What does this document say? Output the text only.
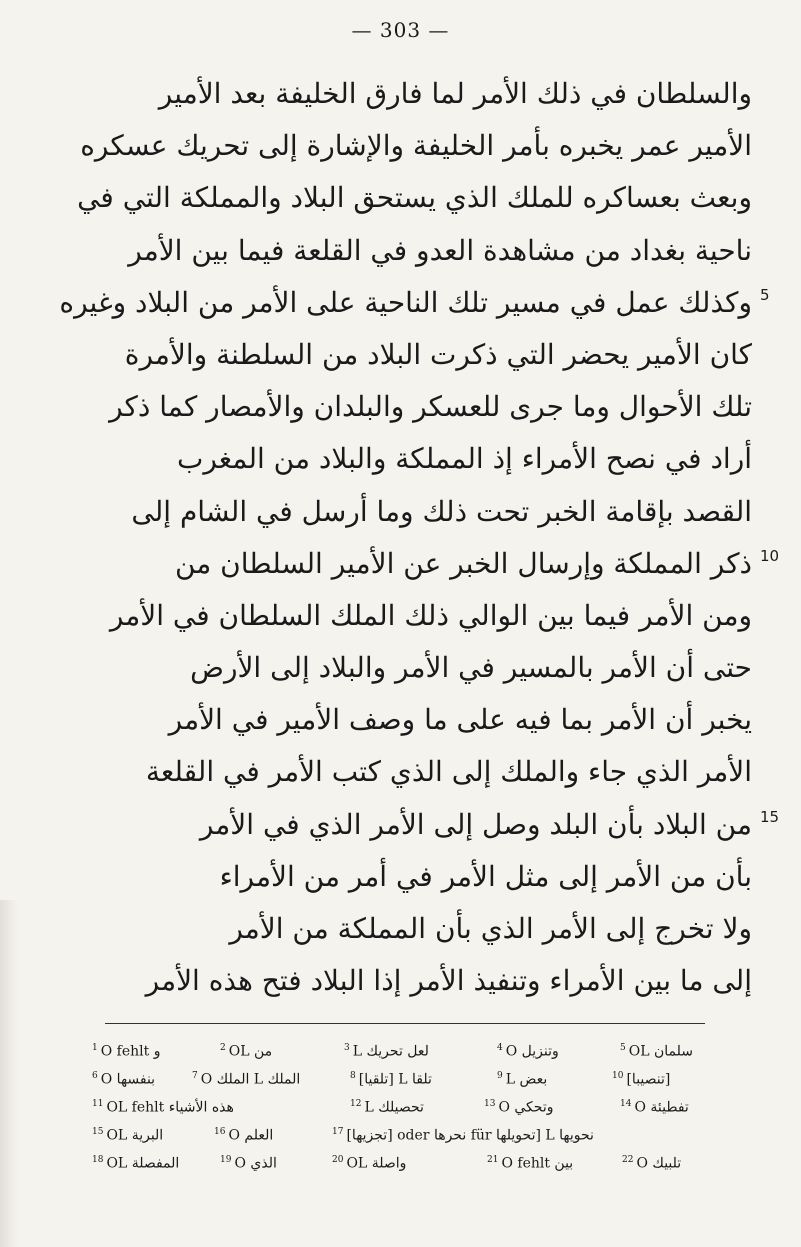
— 303 —
والسلطان في ذلك الأمر لما فارق الخليفة بعد الأمير
الأمير عمر يخبره بأمر الخليفة والإشارة إلى تحريك عسكره
وبعث بعساكره للملك الذي يستحق البلاد والمملكة التي في
ناحية بغداد من مشاهدة العدو في القلعة فيما بين الأمر
وكذلك عمل في مسير تلك الناحية على الأمر من البلاد وغيره
كان الأمير يحضر التي ذكرت البلاد من السلطنة والأمرة
تلك الأحوال وما جرى للعسكر والبلدان والأمصار كما ذكر
أراد في نصح الأمراء إذ المملكة والبلاد من المغرب
القصد بإقامة الخبر تحت ذلك وما أرسل في الشام إلى
ذكر المملكة وإرسال الخبر عن الأمير السلطان من
ومن الأمر فيما بين الوالي ذلك الملك السلطان في الأمر
حتى أن الأمر بالمسير في الأمر والبلاد إلى الأرض
يخبر أن الأمر بما فيه على ما وصف الأمير في الأمر
الأمر الذي جاء والملك إلى الذي كتب الأمر في القلعة
من البلاد بأن البلد وصل إلى الأمر الذي في الأمر
بأن من الأمر إلى مثل الأمر في أمر من الأمراء
ولا تخرج إلى الأمر الذي بأن المملكة من الأمر
إلى ما بين الأمراء وتنفيذ الأمر إذا البلاد فتح هذه الأمر
5
10
15
$^1$ O fehlt و	$^2$ OL من	$^3$ L لعل تحريك	$^4$ O وتنزيل	$^5$ OL سلمان
$^6$ O بنفسها	$^7$ O الملك L الملك	$^8$ [تلقيا] L تلقا	$^9$ L بعض	$^{10}$ [تنصيبا]
$^{11}$ OL fehlt هذه الأشياء	$^{12}$ L تحصيلك	$^{13}$ O وتحكي	$^{14}$ O تفطيئة
$^{15}$ OL البرية	$^{16}$ O العلم	$^{17}$ [تجزيها] oder نحرها für تحويلها] L نحويها
$^{18}$ OL المفصلة	$^{19}$ O الذي	$^{20}$ OL واصلة	$^{21}$ O fehlt بين	$^{22}$ O تلبيك
